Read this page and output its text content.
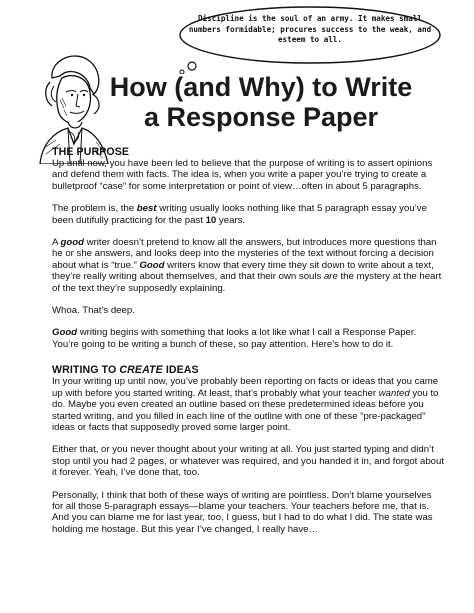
Discipline is the soul of an army. It makes small numbers formidable; procures success to the weak, and esteem to all.
How (and Why) to Write
a Response Paper
THE PURPOSE

Up until now, you have been led to believe that the purpose of writing is to assert opinions and defend them with facts. The idea is, when you write a paper you’re trying to create a bulletproof “case” for some interpretation or point of view…often in about 5 paragraphs.

The problem is, the best writing usually looks nothing like that 5 paragraph essay you’ve been dutifully practicing for the past 10 years.

A good writer doesn’t pretend to know all the answers, but introduces more questions than he or she answers, and looks deep into the mysteries of the text without forcing a decision about what is “true.” Good writers know that every time they sit down to write about a text, they’re really writing about themselves, and that their own souls are the mystery at the heart of the text they’re supposedly explaining.

Whoa. That’s deep.

Good writing begins with something that looks a lot like what I call a Response Paper. You’re going to be writing a bunch of these, so pay attention. Here’s how to do it.

WRITING TO CREATE IDEAS

In your writing up until now, you’ve probably been reporting on facts or ideas that you came up with before you started writing. At least, that’s probably what your teacher wanted you to do. Maybe you even created an outline based on these predetermined ideas before you started writing, and you filled in each line of the outline with one of these “pre-packaged” ideas or facts that supposedly proved some larger point.

Either that, or you never thought about your writing at all. You just started typing and didn’t stop until you had 2 pages, or whatever was required, and you handed it in, and forgot about it forever. Yeah, I’ve done that, too.

Personally, I think that both of these ways of writing are pointless. Don’t blame yourselves for all those 5-paragraph essays—blame your teachers. Your teachers before me, that is. And you can blame me for last year, too, I guess, but I had to do what I did. The state was holding me hostage. But this year I’ve changed, I really have…
